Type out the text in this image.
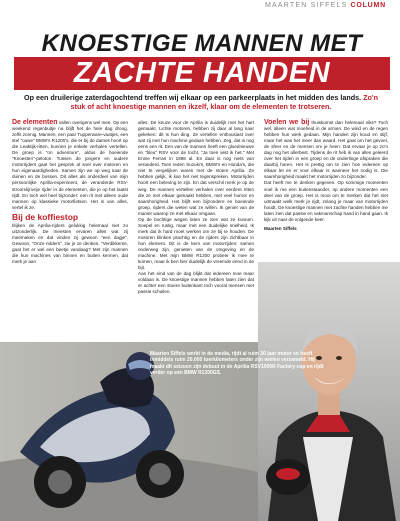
MAARTEN SIFFELS COLUMN
KNOESTIGE MANNEN MET
ZACHTE HANDEN
Op een druilerige zaterdagochtend treffen wij elkaar op een parkeerplaats in het midden des lands. Zo'n stuk of acht knoestige mannen en ikzelf, klaar om de elementen te trotseren.

De elementen vallen overigens wel mee. Op een weekend regenbuitje na blijft het de hele dag droog, zelfs zonnig. Mannen, een paar Tupperware-vaatjes, een stel "ouwe" BMW's R1200's, die er bij de dames hoort op die Leaktijk-ritten, kunnen je enkele verhalen vertellen. De groep is "on adventure", aldus de boeiende "Knoesten"-peloton. Tussen de jongere en oudere motorrijders gaat het gesprek al snel over motoren en hun eigenaardigheden. Samen zijn we op weg naar de duinen en de bossen. Dit alles als onderdeel van mijn persoonlijke Aprilia-experiment, de veranderde RSV-stroomlijnvrije rijder in de elementen, die je op het laatst rijdt. En toch wel heel bijzonder: een rit met alleen oude mannen op klassieke motorfietsen. Het is van alles, vertel ik ze.

Bij de koffiestop

blijken de Aprilia-rijders gelukkig helemaal niet zo uitzonderlijk. De meesten ervaren alles wat zij meemaken en dat vinden zij gewoon "een dagje". Gewoon, "Onze ridders", zie je ze denken. "Verdikkeme, gaat het er wel een beetje vandaag? Met zijn mannen die hun machines van binnen en buiten kennen, dat merk je aan

alles. De keuze voor de Aprilia is duidelijk met het hart gemaakt. Lichte motoren, hebben zij daar al lang naar gekeken: dit is hun ding. Ze vertellen enthousiast over wat zij met hun machine gedaan hebben. Zeg, dat is nog eens een rit. Een van de mannen heeft een gloednieuwe en "bleu" RSV voor de tocht, "Ja toen wist ik het." Met Ennie Ferrari in 1998 al. En daar is nog niets van veranderd. Toen reden Suzuki's, BMW's en Honda's, die niet te vergelijken waren met de stoere Aprilia. Ze hebben gelijk, ik kan het niet tegenspreken. Motorrijden hoort een beleving te zijn. En dat verschil merk je op de weg. De mannen vertellen verhalen over eerdere ritten die ze met elkaar gemaakt hebben, met veel humor en saamhorigheid. Het blijft een bijzondere en boeiende groep, rijders die weten wat ze willen. Ik geniet van de manier waarop ze met elkaar omgaan.

Op de bochtige wegen laten ze zien wat ze kunnen. Soepel en rustig, maar met een duidelijke snelheid. Ik merk dat ik hard moet werken om ze bij te houden. De motoren klinken prachtig en de rijders zijn zichtbaar in hun element. Dit is de kern van motorrijden: samen onderweg zijn, genieten van de omgeving en de machine. Met mijn BMW R1200 probeer ik mee te komen, maar ik ben hier duidelijk de vreemde eend in de bijt.

Aan het eind van de dag blijkt dat iedereen moe maar voldaan is. De knoestige mannen hebben laten zien dat er achter een stoere buitenkant toch vooral mensen met passie schuilen.

Voelen we bij thuiskomst dan helemaal niks? Toch wel, alleen wat moeheid in de armen. De wind en de regen hebben hun werk gedaan. Mijn handen zijn koud en stijf, maar het was het meer dan waard. Het gaat om het gevoel, de sfeer en de mensen om je heen. Dat ervaar je op zo'n dag nog het allerbest. Tijdens de rit heb ik van alles geleerd over het rijden in een groep en de onderlinge afspraken die daarbij horen. Het is prettig om te zien hoe iedereen op elkaar let en er voor elkaar is wanneer het nodig is. Die saamhorigheid maakt het motorrijden zo bijzonder.

Dat heeft me te denken gegeven. Op sommige momenten voel ik me een buitenstaander, op andere momenten een deel van de groep. Het is mooi om te merken dat het niet uitmaakt welk merk je rijdt, zolang je maar van motorrijden houdt. De knoestige mannen met zachte handen hebben me laten zien dat passie en vakmanschap hand in hand gaan. Ik kijk uit naar de volgende keer.

Maarten Siffels

Maarten Siffels werkt in de media, rijdt al ruim 30 jaar motor en heeft inmiddels ruim 20.000 toerkilometers onder zijn wielen verzameld. Hij maakt dit seizoen zijn debuut in de Aprilia RSV1000R Factory cup en rijdt verder op een BMW R1200GS.
